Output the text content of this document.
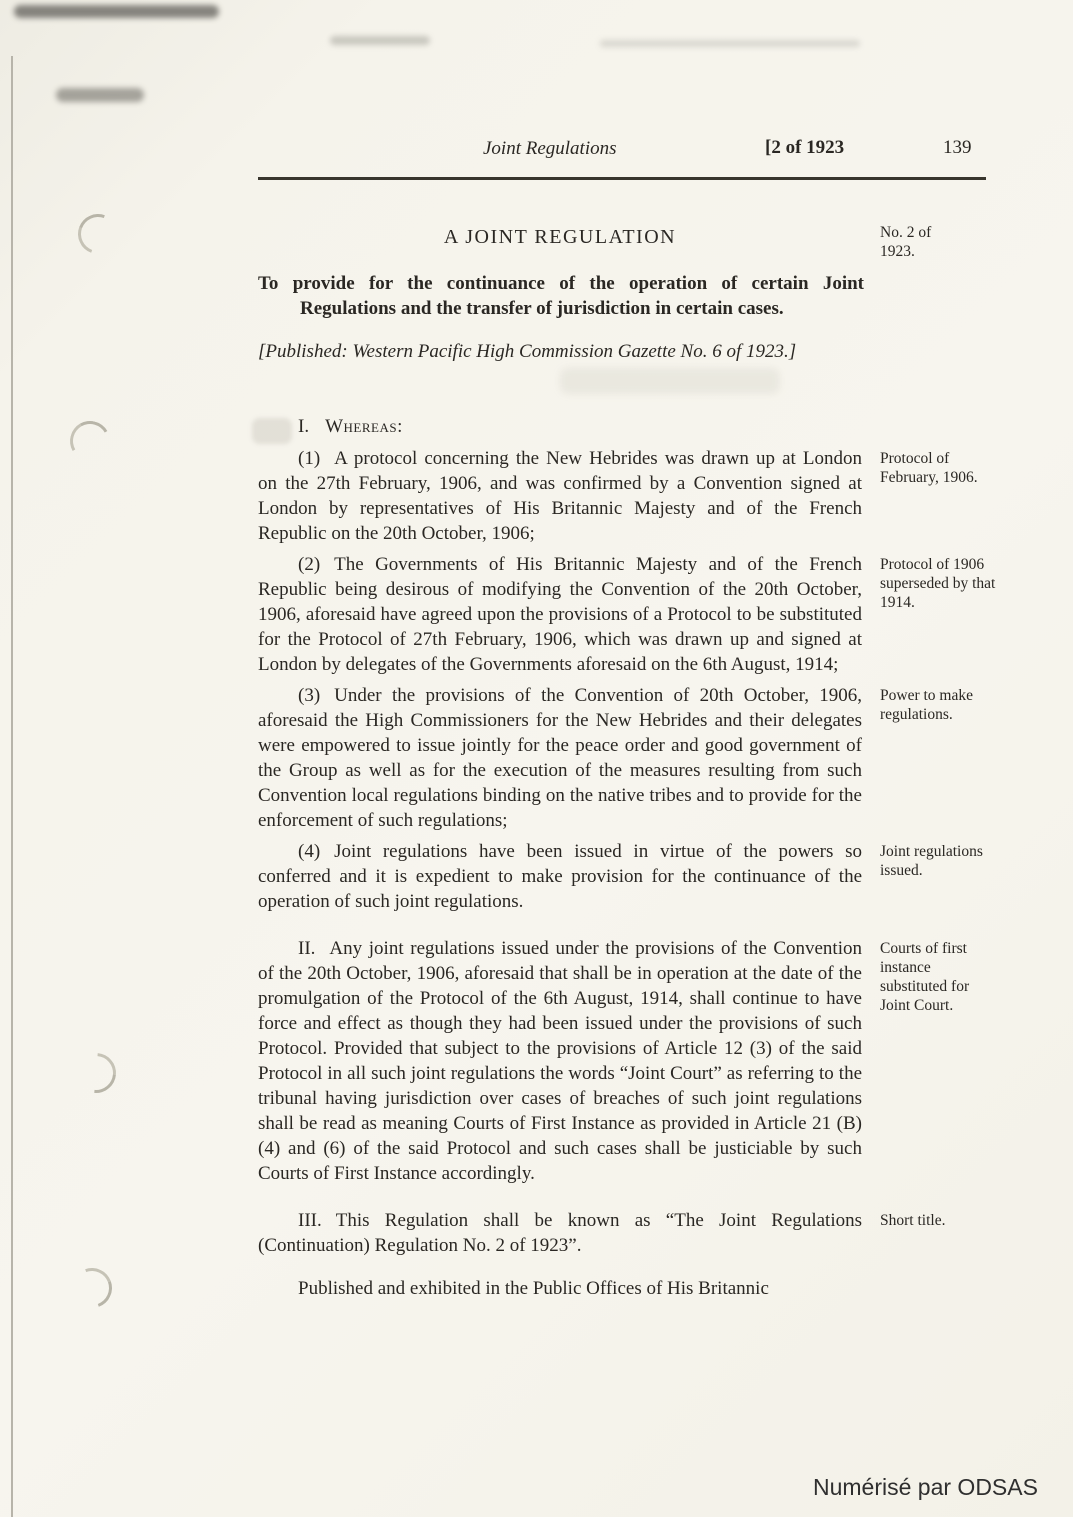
Joint Regulations	[2 of 1923	139
A JOINT REGULATION	No. 2 of 1923.
To provide for the continuance of the operation of certain Joint Regulations and the transfer of jurisdiction in certain cases.
[Published: Western Pacific High Commission Gazette No. 6 of 1923.]
I. Whereas:

(1) A protocol concerning the New Hebrides was drawn up at London on the 27th February, 1906, and was confirmed by a Convention signed at London by representatives of His Britannic Majesty and of the French Republic on the 20th October, 1906;

Protocol of February, 1906.

(2) The Governments of His Britannic Majesty and of the French Republic being desirous of modifying the Convention of the 20th October, 1906, aforesaid have agreed upon the provisions of a Protocol to be substituted for the Protocol of 27th February, 1906, which was drawn up and signed at London by delegates of the Governments aforesaid on the 6th August, 1914;

Protocol of 1906 superseded by that 1914.

(3) Under the provisions of the Convention of 20th October, 1906, aforesaid the High Commissioners for the New Hebrides and their delegates were empowered to issue jointly for the peace order and good government of the Group as well as for the execution of the measures resulting from such Convention local regulations binding on the native tribes and to provide for the enforcement of such regulations;

Power to make regulations.

(4) Joint regulations have been issued in virtue of the powers so conferred and it is expedient to make provision for the continuance of the operation of such joint regulations.

Joint regulations issued.

II. Any joint regulations issued under the provisions of the Convention of the 20th October, 1906, aforesaid that shall be in operation at the date of the promulgation of the Protocol of the 6th August, 1914, shall continue to have force and effect as though they had been issued under the provisions of such Protocol. Provided that subject to the provisions of Article 12 (3) of the said Protocol in all such joint regulations the words “Joint Court” as referring to the tribunal having jurisdiction over cases of breaches of such joint regulations shall be read as meaning Courts of First Instance as provided in Article 21 (B) (4) and (6) of the said Protocol and such cases shall be justiciable by such Courts of First Instance accordingly.

Courts of first instance substituted for Joint Court.

III. This Regulation shall be known as “The Joint Regulations (Continuation) Regulation No. 2 of 1923”.

Short title.

Published and exhibited in the Public Offices of His Britannic

Numérisé par ODSAS
